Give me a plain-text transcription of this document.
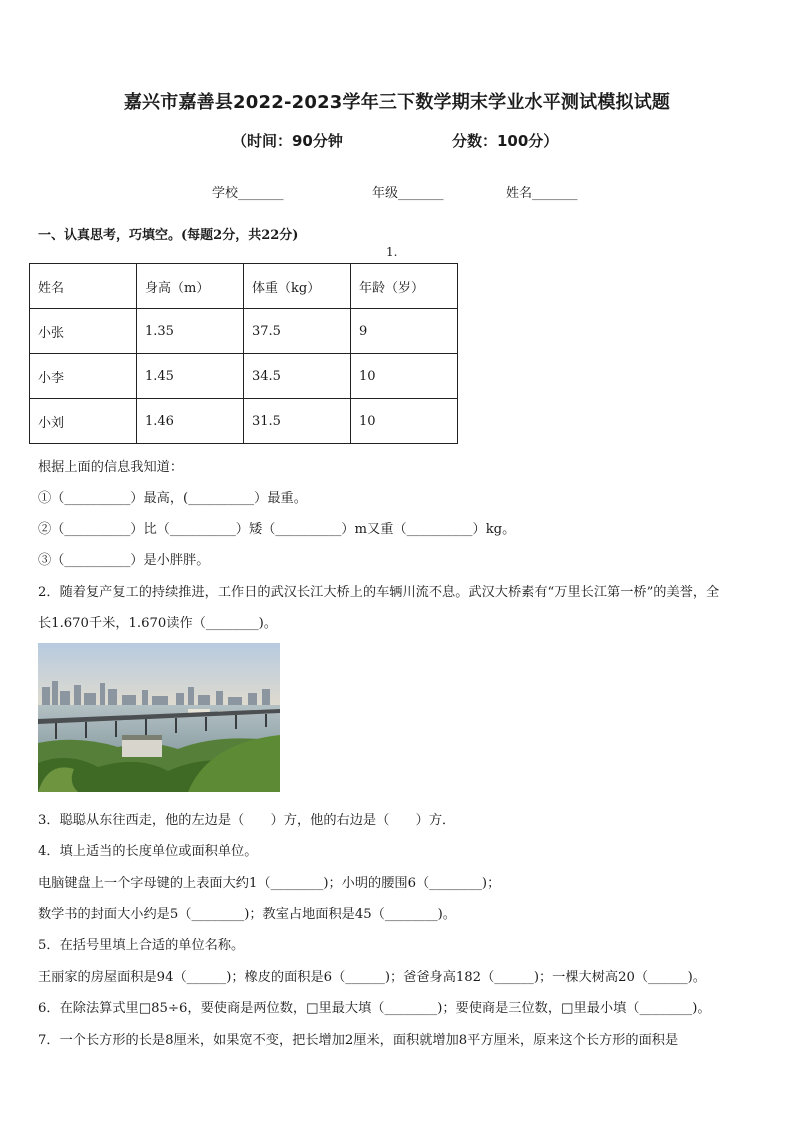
嘉兴市嘉善县2022-2023学年三下数学期末学业水平测试模拟试题
（时间：90分钟	分数：100分）
学校_______	年级_______	姓名_______
一、认真思考，巧填空。(每题2分，共22分)
1.
姓名	身高（m）	体重（kg）	年龄（岁）
小张	1.35	37.5	9
小李	1.45	34.5	10
小刘	1.46	31.5	10
根据上面的信息我知道：
①（__________）最高，(__________）最重。
②（__________）比（__________）矮（__________）m又重（__________）kg。
③（__________）是小胖胖。
2．随着复产复工的持续推进，工作日的武汉长江大桥上的车辆川流不息。武汉大桥素有“万里长江第一桥”的美誉，全
长1.670千米，1.670读作（________)。
3．聪聪从东往西走，他的左边是（　　）方，他的右边是（　　）方．
4．填上适当的长度单位或面积单位。
电脑键盘上一个字母键的上表面大约1（________)；小明的腰围6（________)；
数学书的封面大小约是5（________)；教室占地面积是45（________)。
5．在括号里填上合适的单位名称。
王丽家的房屋面积是94（______)；橡皮的面积是6（______)；爸爸身高182（______)；一棵大树高20（______)。
6．在除法算式里□85÷6，要使商是两位数，□里最大填（________)；要使商是三位数，□里最小填（________)。
7．一个长方形的长是8厘米，如果宽不变，把长增加2厘米，面积就增加8平方厘米，原来这个长方形的面积是
